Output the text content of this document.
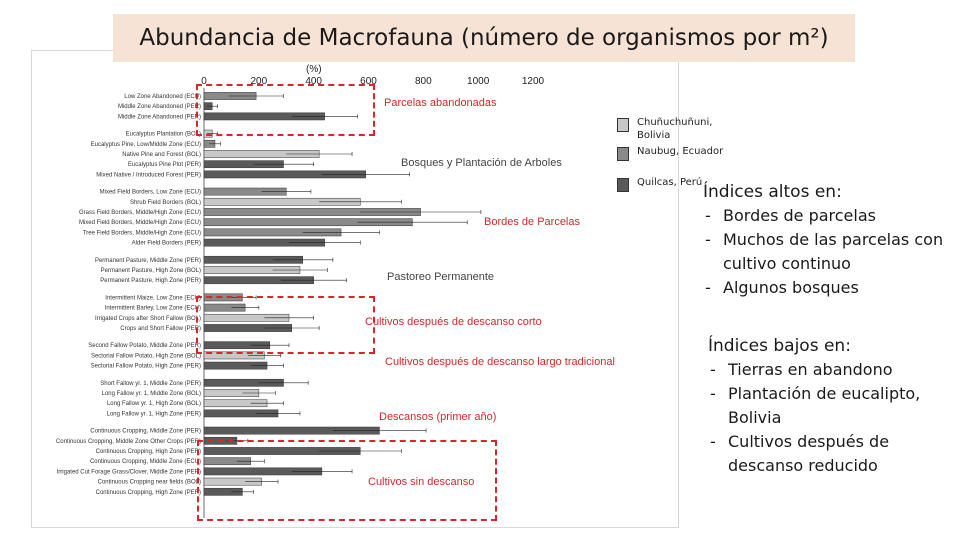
0	200	400	600	800	1000	1200
Low Zone Abandoned (ECU)
Middle Zone Abandoned (PER)
Middle Zone Abandoned (PER)
Eucalyptus Plantation (BOL)
Eucalyptus Pine, Low/Middle Zone (ECU)
Native Pine and Forest (BOL)
Eucalyptus Pine Plot (PER)
Mixed Native / Introduced Forest (PER)
Mixed Field Borders, Low Zone (ECU)
Shrub Field Borders (BOL)
Grass Field Borders, Middle/High Zone (ECU)
Mixed Field Borders, Middle/High Zone (ECU)
Tree Field Borders, Middle/High Zone (ECU)
Alder Field Borders (PER)
Permanent Pasture, Middle Zone (PER)
Permanent Pasture, High Zone (BOL)
Permanent Pasture, High Zone (PER)
Intermittent Maize, Low Zone (ECU)
Intermittent Barley, Low Zone (ECU)
Irrigated Crops after Short Fallow (BOL)
Crops and Short Fallow (PER)
Second Fallow Potato, Middle Zone (PER)
Sectorial Fallow Potato, High Zone (BOL)
Sectorial Fallow Potato, High Zone (PER)
Short Fallow yr. 1, Middle Zone (PER)
Long Fallow yr. 1, Middle Zone (BOL)
Long Fallow yr. 1, High Zone (BOL)
Long Fallow yr. 1, High Zone (PER)
Continuous Cropping, Middle Zone (PER)
Continuous Cropping, Middle Zone Other Crops (PER)
Continuous Cropping, High Zone (PER)
Continuous Cropping, Middle Zone (ECU)
Irrigated Cut Forage Grass/Clover, Middle Zone (PER)
Continuous Cropping near fields (BOL)
Continuous Cropping, High Zone (PER)
Abundancia de Macrofauna (número de organismos por m²)
(%)
Parcelas abandonadas
Bosques y Plantación de Arboles
Bordes de Parcelas
Pastoreo Permanente
Cultivos después de descanso corto
Cultivos después de descanso largo tradicional
Descansos (primer año)
Cultivos sin descanso
Chuñuchuñuni, Bolivia
Naubug, Ecuador
Quilcas, Perú Índices altos en:
- Bordes de parcelas
- Muchos de las parcelas con cultivo continuo
- Algunos bosques
Índices bajos en:
- Tierras en abandono
- Plantación de eucalipto, Bolivia
- Cultivos después de descanso reducido
